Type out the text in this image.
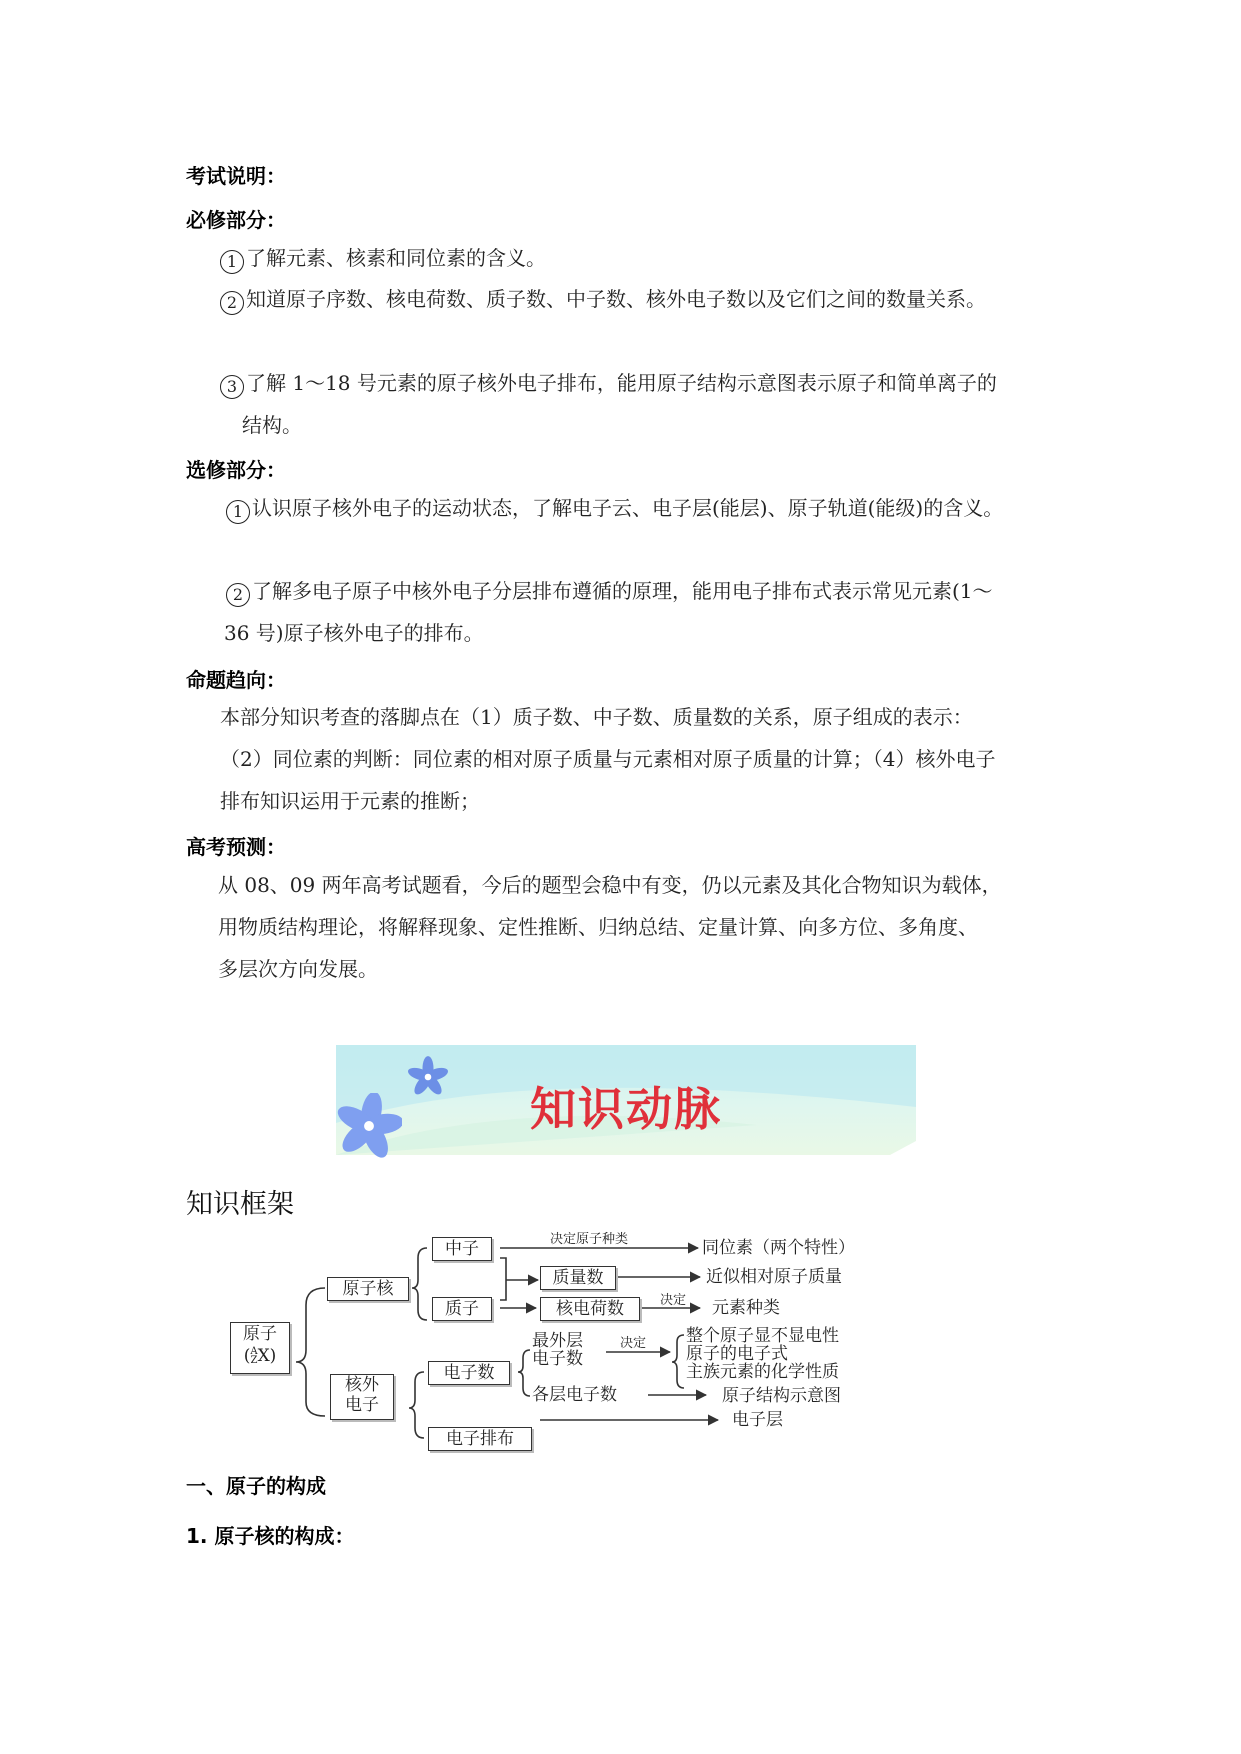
考试说明：
必修部分：
1 了解元素、核素和同位素的含义。
2 知道原子序数、核电荷数、质子数、中子数、核外电子数以及它们之间的数量关系。
3 了解 1～18 号元素的原子核外电子排布，能用原子结构示意图表示原子和简单离子的
结构。
选修部分：
1 认识原子核外电子的运动状态，了解电子云、电子层(能层)、原子轨道(能级)的含义。
2 了解多电子原子中核外电子分层排布遵循的原理，能用电子排布式表示常见元素(1～
36 号)原子核外电子的排布。
命题趋向：
本部分知识考查的落脚点在（1）质子数、中子数、质量数的关系，原子组成的表示：
（2）同位素的判断：同位素的相对原子质量与元素相对原子质量的计算；（4）核外电子
排布知识运用于元素的推断；
高考预测：
从 08、09 两年高考试题看，今后的题型会稳中有变，仍以元素及其化合物知识为载体，
用物质结构理论，将解释现象、定性推断、归纳总结、定量计算、向多方位、多角度、
多层次方向发展。
知识动脉
知识框架
原子
( A
Z X)
原子核
中子
质子
质量数
核电荷数
决定原子种类	同位素（两个特性）
近似相对原子质量
决定 元素种类
核外
电子
电子数
电子排布
最外层
电子数
决定 整个原子显不显电性
原子的电子式
主族元素的化学性质
各层电子数	原子结构示意图
电子层
一、原子的构成
1. 原子核的构成：
